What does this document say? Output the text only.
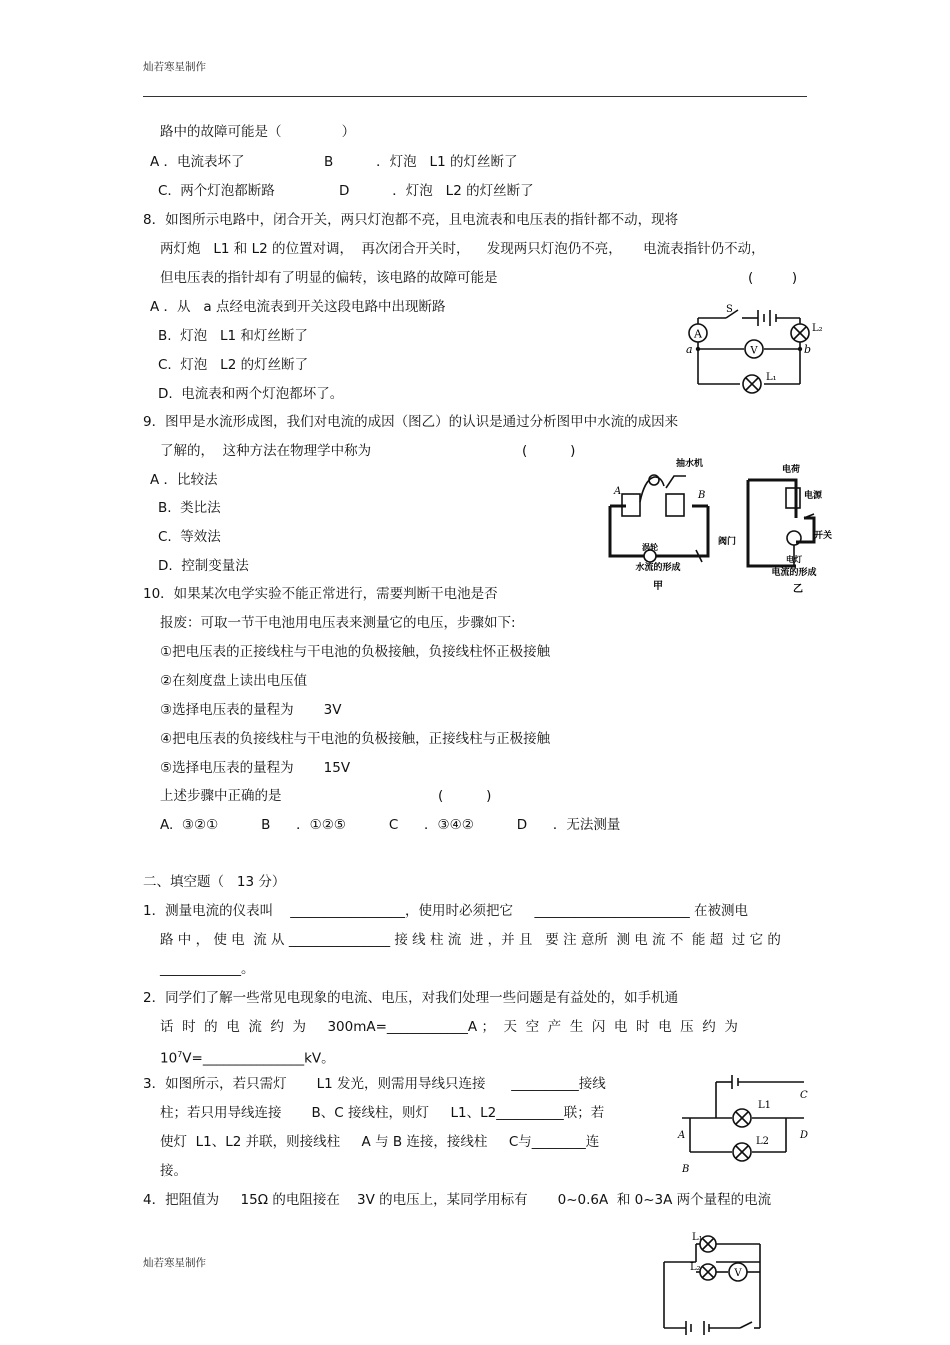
灿若寒星制作
路中的故障可能是（              ）
A ．电流表坏了	B          ．灯泡   L1 的灯丝断了
C.  两个灯泡都断路	D          ．灯泡   L2 的灯丝断了
8．如图所示电路中，闭合开关，两只灯泡都不亮，且电流表和电压表的指针都不动，现将
两灯炮   L1 和 L2 的位置对调，  再次闭合开关时，    发现两只灯泡仍不亮，     电流表指针仍不动，
但电压表的指针却有了明显的偏转，该电路的故障可能是	(         )
A ．从   a 点经电流表到开关这段电路中出现断路
B.  灯泡   L1 和灯丝断了
C.  灯泡   L2 的灯丝断了
D.  电流表和两个灯泡都坏了。
A
V
S
L₂
L₁
a	b
9．图甲是水流形成图，我们对电流的成因（图乙）的认识是通过分析图甲中水流的成因来
了解的，  这种方法在物理学中称为	(          )
A ．比较法
B.  类比法
C.  等效法
D.  控制变量法
抽水机
A	B
阀门
涡轮
水流的形成
甲
电荷
电源
开关
电灯
电流的形成
乙
10．如果某次电学实验不能正常进行，需要判断干电池是否
报废：可取一节干电池用电压表来测量它的电压，步骤如下:
①把电压表的正接线柱与干电池的负极接触，负接线柱怀正极接触
②在刻度盘上读出电压值
③选择电压表的量程为       3V
④把电压表的负接线柱与干电池的负极接触，正接线柱与正极接触
⑤选择电压表的量程为       15V
上述步骤中正确的是	(          )
A.  ③②①          B      ．①②⑤          C      ．③④②          D      ．无法测量
二、填空题（   13 分）
1．测量电流的仪表叫    _________________，使用时必须把它     _______________________ 在被测电
路 中 ， 使 电  流 从 _______________ 接 线 柱 流  进 ，并 且   要 注 意所  测 电 流 不  能 超  过 它 的
____________。
2．同学们了解一些常见电现象的电流、电压，对我们处理一些问题是有益处的，如手机通
话  时  的  电  流  约  为     300mA=____________A ；  天  空  产  生  闪  电  时  电  压  约  为
$10^7V=\_\_\_\_\_\_\_\_\_\_\_\_\_\_\_kV$。
3．如图所示，若只需灯       L1 发光，则需用导线只连接      __________接线
柱；若只用导线连接       B、C 接线柱，则灯     L1、L2__________联；若
使灯  L1、L2 并联，则接线柱     A 与 B 连接，接线柱     C与________连
接。
C
L1
A	D
L2
B
4．把阻值为     15Ω 的电阻接在    3V 的电压上，某同学用标有       0~0.6A  和 0~3A 两个量程的电流
灿若寒星制作
L₁
L₂
V
